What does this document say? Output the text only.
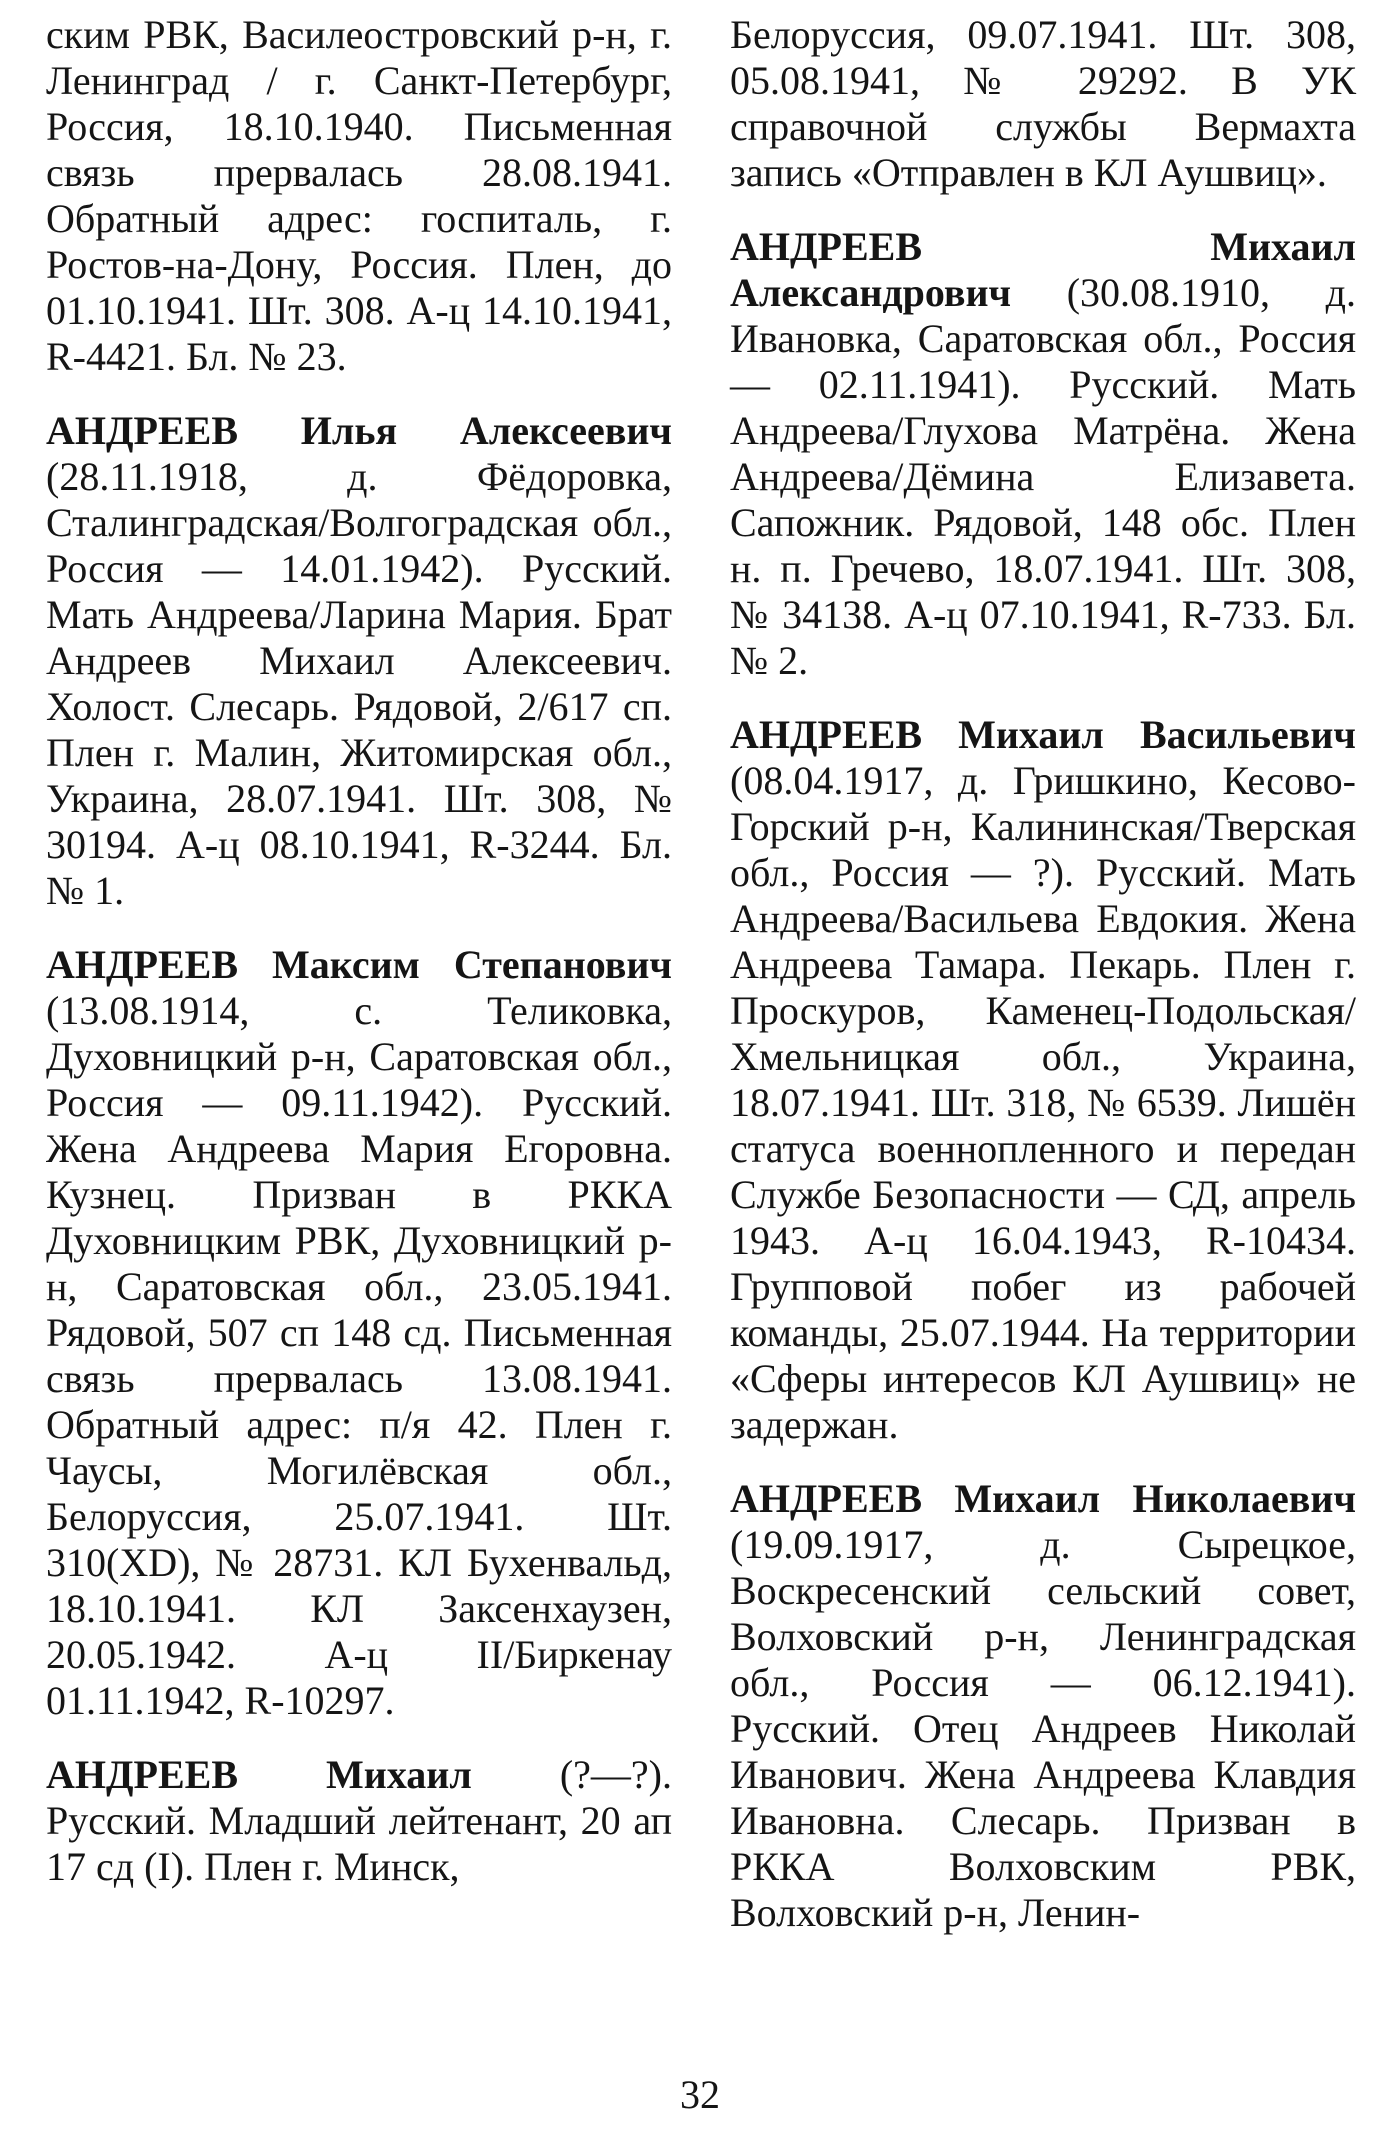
ским РВК, Василеостровский р-н, г. Ленинград / г. Санкт-Петербург, Россия, 18.10.1940. Письменная связь прервалась 28.08.1941. Обратный адрес: госпиталь, г. Ростов-на-Дону, Россия. Плен, до 01.10.1941. Шт. 308. А-ц 14.10.1941, R-4421. Бл. № 23.

АНДРЕЕВ Илья Алексеевич (28.11.1918, д. Фёдоровка, Сталинградская/Волгоградская обл., Россия — 14.01.1942). Русский. Мать Андреева/Ларина Мария. Брат Андреев Михаил Алексеевич. Холост. Слесарь. Рядовой, 2/617 сп. Плен г. Малин, Житомирская обл., Украина, 28.07.1941. Шт. 308, № 30194. А-ц 08.10.1941, R-3244. Бл. № 1.

АНДРЕЕВ Максим Степанович (13.08.1914, с. Теликовка, Духовницкий р-н, Саратовская обл., Россия — 09.11.1942). Русский. Жена Андреева Мария Егоровна. Кузнец. Призван в РККА Духовницким РВК, Духовницкий р-н, Саратовская обл., 23.05.1941. Рядовой, 507 сп 148 сд. Письменная связь прервалась 13.08.1941. Обратный адрес: п/я 42. Плен г. Чаусы, Могилёвская обл., Белоруссия, 25.07.1941. Шт. 310(XD), № 28731. КЛ Бухенвальд, 18.10.1941. КЛ Заксенхаузен, 20.05.1942. А-ц II/Биркенау 01.11.1942, R-10297.

АНДРЕЕВ Михаил (?—?). Русский. Младший лейтенант, 20 ап 17 сд (I). Плен г. Минск,

Белоруссия, 09.07.1941. Шт. 308, 05.08.1941, № 29292. В УК справочной службы Вермахта запись «Отправлен в КЛ Аушвиц».

АНДРЕЕВ Михаил Александрович (30.08.1910, д. Ивановка, Саратовская обл., Россия — 02.11.1941). Русский. Мать Андреева/Глухова Матрёна. Жена Андреева/Дёмина Елизавета. Сапожник. Рядовой, 148 обс. Плен н. п. Гречево, 18.07.1941. Шт. 308, № 34138. А-ц 07.10.1941, R-733. Бл. № 2.

АНДРЕЕВ Михаил Васильевич (08.04.1917, д. Гришкино, Кесово-Горский р-н, Калининская/Тверская обл., Россия — ?). Русский. Мать Андреева/Васильева Евдокия. Жена Андреева Тамара. Пекарь. Плен г. Проскуров, Каменец-Подольская/Хмельницкая обл., Украина, 18.07.1941. Шт. 318, № 6539. Лишён статуса военнопленного и передан Службе Безопасности — СД, апрель 1943. А-ц 16.04.1943, R-10434. Групповой побег из рабочей команды, 25.07.1944. На территории «Сферы интересов КЛ Аушвиц» не задержан.

АНДРЕЕВ Михаил Николаевич (19.09.1917, д. Сырецкое, Воскресенский сельский совет, Волховский р-н, Ленинградская обл., Россия — 06.12.1941). Русский. Отец Андреев Николай Иванович. Жена Андреева Клавдия Ивановна. Слесарь. Призван в РККА Волховским РВК, Волховский р-н, Ленин-

32
